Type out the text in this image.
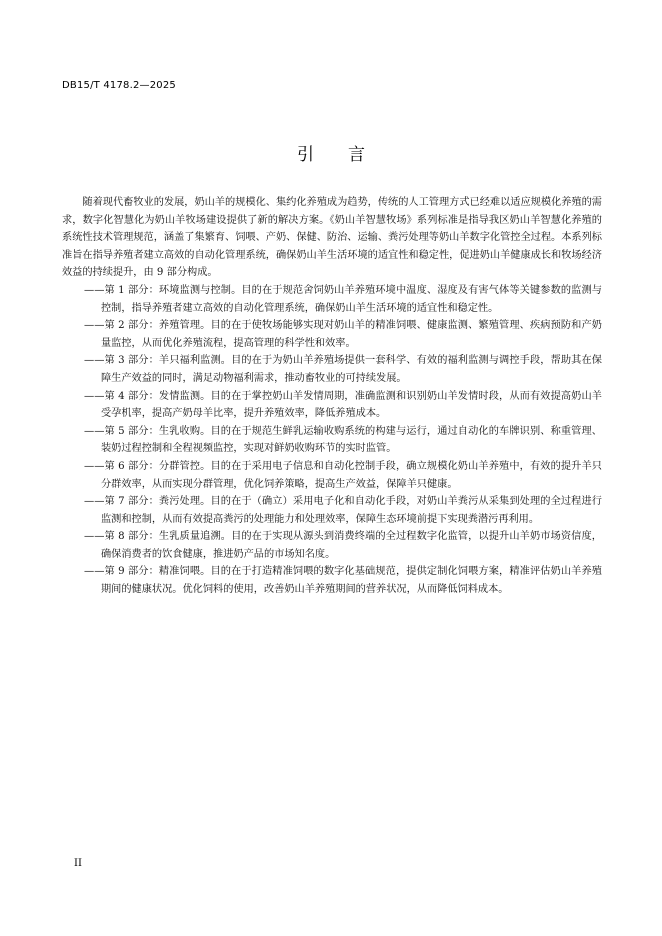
DB15/T 4178.2—2025
引言

随着现代畜牧业的发展，奶山羊的规模化、集约化养殖成为趋势，传统的人工管理方式已经难以适应规模化养殖的需求，数字化智慧化为奶山羊牧场建设提供了新的解决方案。《奶山羊智慧牧场》系列标准是指导我区奶山羊智慧化养殖的系统性技术管理规范，涵盖了集繁育、饲喂、产奶、保健、防治、运输、粪污处理等奶山羊数字化管控全过程。本系列标准旨在指导养殖者建立高效的自动化管理系统，确保奶山羊生活环境的适宜性和稳定性，促进奶山羊健康成长和牧场经济效益的持续提升，由 9 部分构成。

——第 1 部分：环境监测与控制。目的在于规范舍饲奶山羊养殖环境中温度、湿度及有害气体等关键参数的监测与控制，指导养殖者建立高效的自动化管理系统，确保奶山羊生活环境的适宜性和稳定性。

——第 2 部分：养殖管理。目的在于使牧场能够实现对奶山羊的精准饲喂、健康监测、繁殖管理、疾病预防和产奶量监控，从而优化养殖流程，提高管理的科学性和效率。

——第 3 部分：羊只福利监测。目的在于为奶山羊养殖场提供一套科学、有效的福利监测与调控手段，帮助其在保障生产效益的同时，满足动物福利需求，推动畜牧业的可持续发展。

——第 4 部分：发情监测。目的在于掌控奶山羊发情周期，准确监测和识别奶山羊发情时段，从而有效提高奶山羊受孕机率，提高产奶母羊比率，提升养殖效率，降低养殖成本。

——第 5 部分：生乳收购。目的在于规范生鲜乳运输收购系统的构建与运行，通过自动化的车牌识别、称重管理、装奶过程控制和全程视频监控，实现对鲜奶收购环节的实时监管。

——第 6 部分：分群管控。目的在于采用电子信息和自动化控制手段，确立规模化奶山羊养殖中，有效的提升羊只分群效率，从而实现分群管理，优化饲养策略，提高生产效益，保障羊只健康。

——第 7 部分：粪污处理。目的在于（确立）采用电子化和自动化手段，对奶山羊粪污从采集到处理的全过程进行监测和控制，从而有效提高粪污的处理能力和处理效率，保障生态环境前提下实现粪潜污再利用。

——第 8 部分：生乳质量追溯。目的在于实现从源头到消费终端的全过程数字化监管，以提升山羊奶市场资信度，确保消费者的饮食健康，推进奶产品的市场知名度。

——第 9 部分：精准饲喂。目的在于打造精准饲喂的数字化基础规范，提供定制化饲喂方案，精准评估奶山羊养殖期间的健康状况。优化饲料的使用，改善奶山羊养殖期间的营养状况，从而降低饲料成本。

II
